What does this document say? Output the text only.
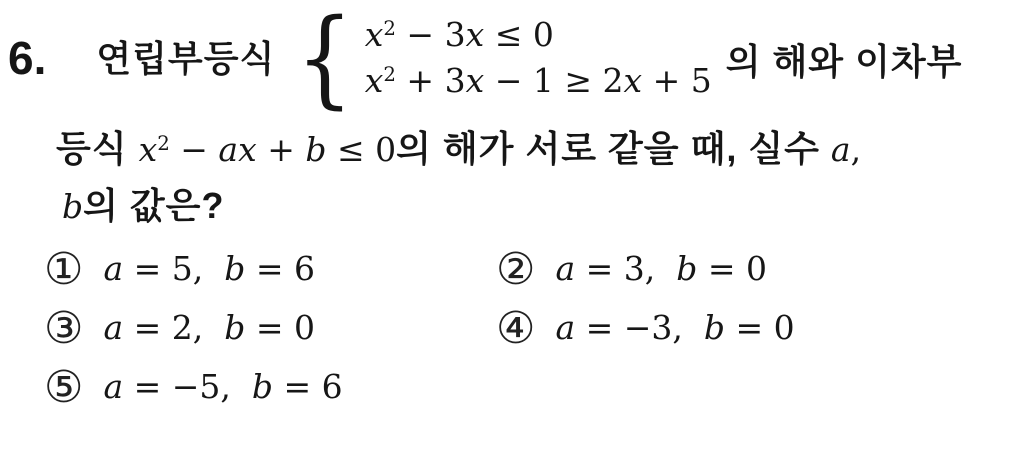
6. 연립부등식 { $x^2 - 3x \le 0$
$x^2 + 3x - 1 \ge 2x + 5$ 의 해와 이차부
등식 $x^2$ − ax + b ≤ 0의 해가 서로 같을 때, 실수 a,
b의 값은?
① a = 5,  b = 6	② a = 3,  b = 0
③ a = 2,  b = 0	④ a = −3,  b = 0
⑤ a = −5,  b = 6
